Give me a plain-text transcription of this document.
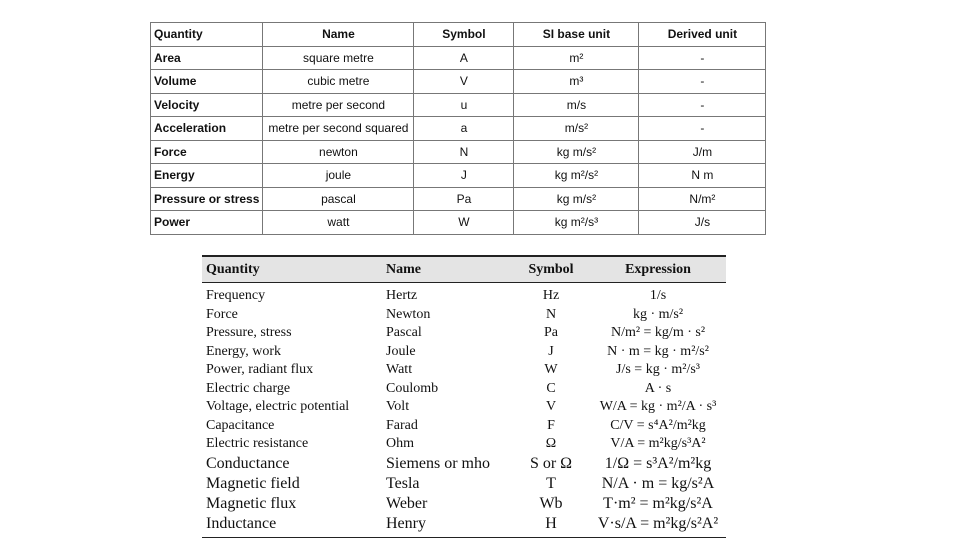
Quantity	Name	Symbol	SI base unit	Derived unit
Area	square metre	A	m²	-
Volume	cubic metre	V	m³	-
Velocity	metre per second	u	m/s	-
Acceleration	metre per second squared	a	m/s²	-
Force	newton	N	kg m/s²	J/m
Energy	joule	J	kg m²/s²	N m
Pressure or stress	pascal	Pa	kg m/s²	N/m²
Power	watt	W	kg m²/s³	J/s
Quantity	Name	Symbol	Expression
Frequency	Hertz	Hz	1/s
Force	Newton	N	kg · m/s²
Pressure, stress	Pascal	Pa	N/m² = kg/m · s²
Energy, work	Joule	J	N · m = kg · m²/s²
Power, radiant flux	Watt	W	J/s = kg · m²/s³
Electric charge	Coulomb	C	A · s
Voltage, electric potential	Volt	V	W/A = kg · m²/A · s³
Capacitance	Farad	F	C/V = s⁴A²/m²kg
Electric resistance	Ohm	Ω	V/A = m²kg/s³A²
Conductance	Siemens or mho	S or Ω	1/Ω = s³A²/m²kg
Magnetic field	Tesla	T	N/A · m = kg/s²A
Magnetic flux	Weber	Wb	T·m² = m²kg/s²A
Inductance	Henry	H	V·s/A = m²kg/s²A²
